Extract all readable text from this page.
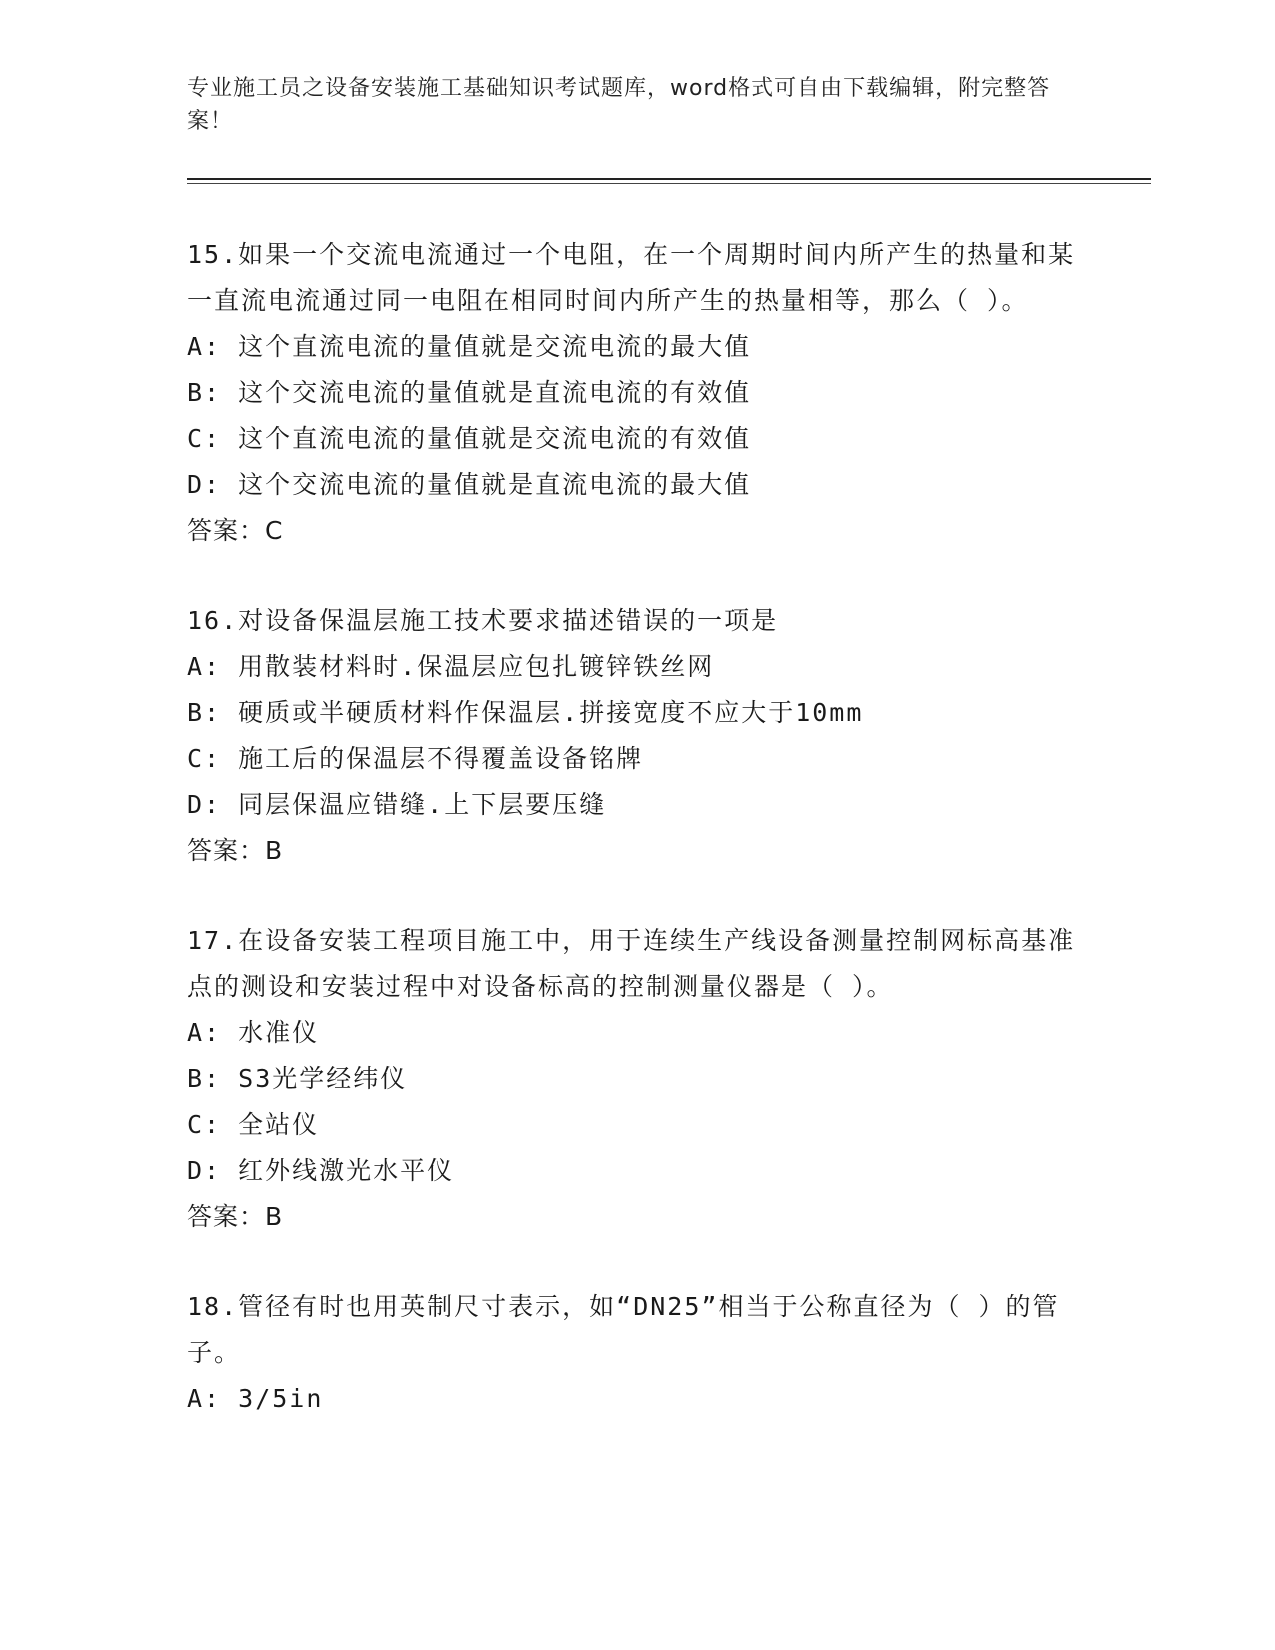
专业施工员之设备安装施工基础知识考试题库，word格式可自由下载编辑，附完整答案！

15.如果一个交流电流通过一个电阻，在一个周期时间内所产生的热量和某一直流电流通过同一电阻在相同时间内所产生的热量相等，那么（ ）。

A: 这个直流电流的量值就是交流电流的最大值

B: 这个交流电流的量值就是直流电流的有效值

C: 这个直流电流的量值就是交流电流的有效值

D: 这个交流电流的量值就是直流电流的最大值

答案：C

16.对设备保温层施工技术要求描述错误的一项是

A: 用散装材料时.保温层应包扎镀锌铁丝网

B: 硬质或半硬质材料作保温层.拼接宽度不应大于10mm

C: 施工后的保温层不得覆盖设备铭牌

D: 同层保温应错缝.上下层要压缝

答案：B

17.在设备安装工程项目施工中，用于连续生产线设备测量控制网标高基准点的测设和安装过程中对设备标高的控制测量仪器是（ ）。

A: 水准仪

B: S3光学经纬仪

C: 全站仪

D: 红外线激光水平仪

答案：B

18.管径有时也用英制尺寸表示，如“DN25”相当于公称直径为（ ）的管子。

A: 3/5in
